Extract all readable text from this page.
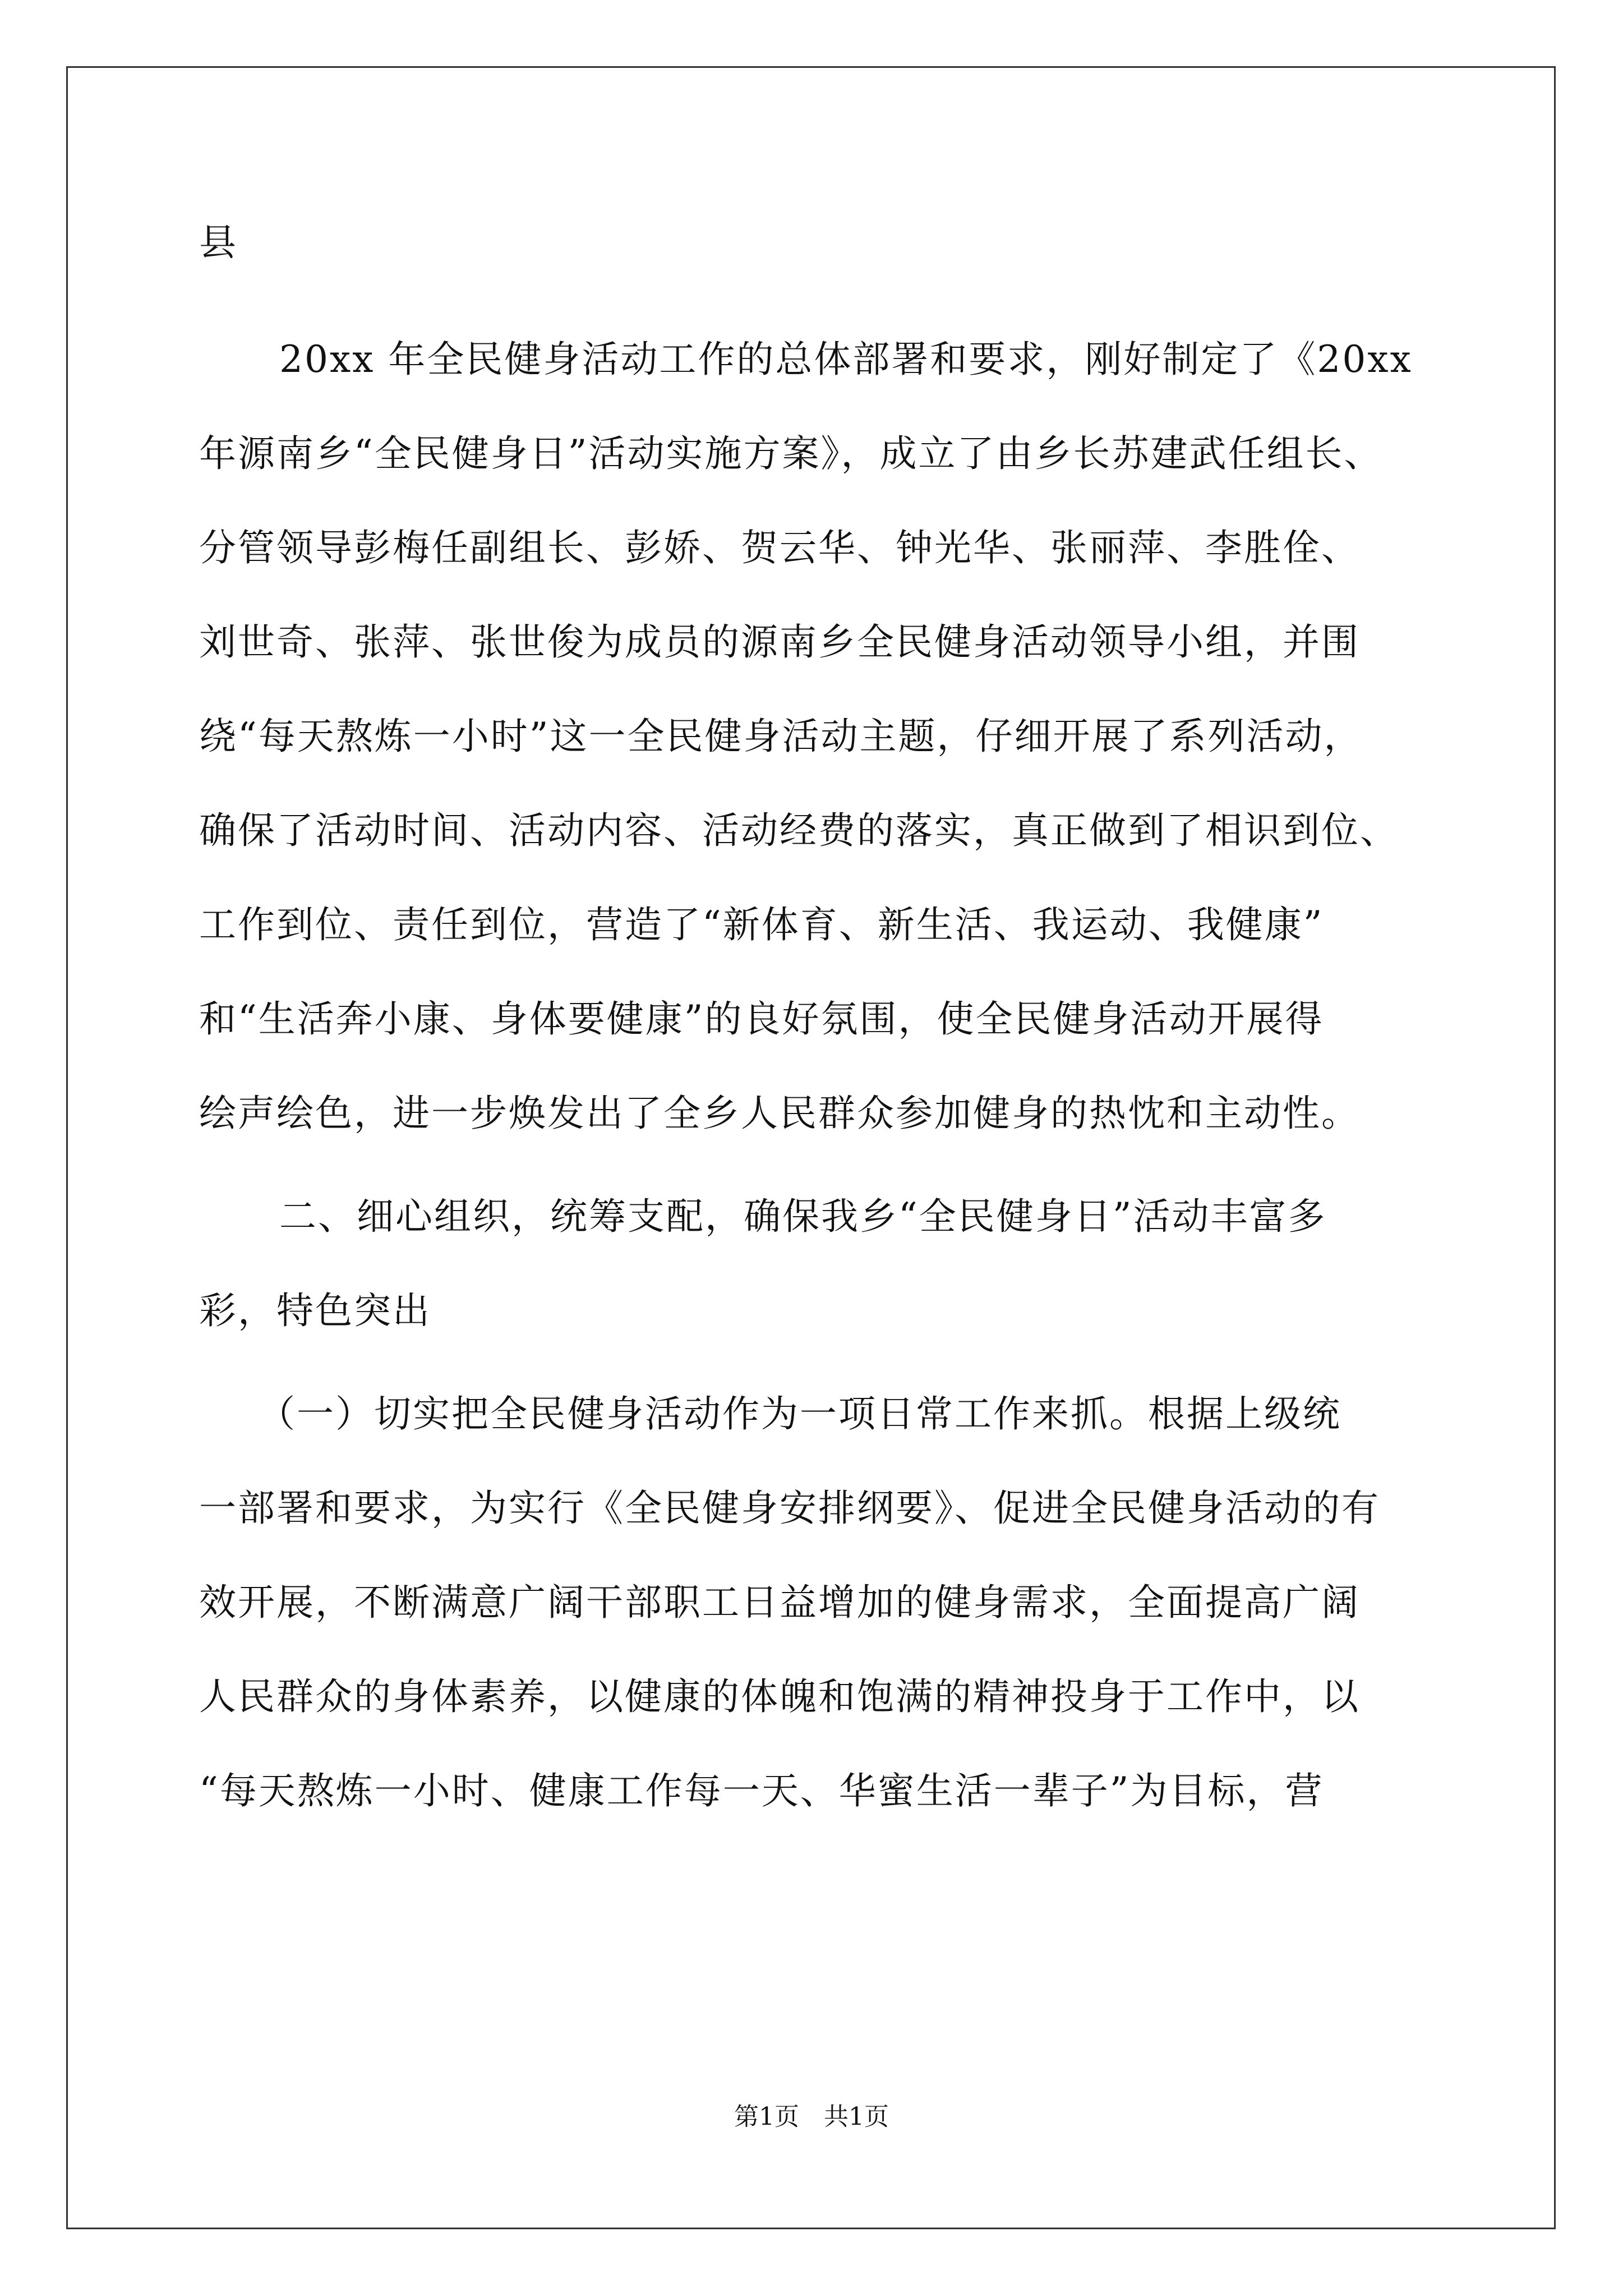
县
20xx 年全民健身活动工作的总体部署和要求，刚好制定了《20xx
年源南乡“全民健身日”活动实施方案》，成立了由乡长苏建武任组长、
分管领导彭梅任副组长、彭娇、贺云华、钟光华、张丽萍、李胜佺、
刘世奇、张萍、张世俊为成员的源南乡全民健身活动领导小组，并围
绕“每天熬炼一小时”这一全民健身活动主题，仔细开展了系列活动，
确保了活动时间、活动内容、活动经费的落实，真正做到了相识到位、
工作到位、责任到位，营造了“新体育、新生活、我运动、我健康”
和“生活奔小康、身体要健康”的良好氛围，使全民健身活动开展得
绘声绘色，进一步焕发出了全乡人民群众参加健身的热忱和主动性。
二、细心组织，统筹支配，确保我乡“全民健身日”活动丰富多
彩，特色突出
（一）切实把全民健身活动作为一项日常工作来抓。根据上级统
一部署和要求，为实行《全民健身安排纲要》、促进全民健身活动的有
效开展，不断满意广阔干部职工日益增加的健身需求，全面提高广阔
人民群众的身体素养，以健康的体魄和饱满的精神投身于工作中，以
“每天熬炼一小时、健康工作每一天、华蜜生活一辈子”为目标，营
第1页　共1页
